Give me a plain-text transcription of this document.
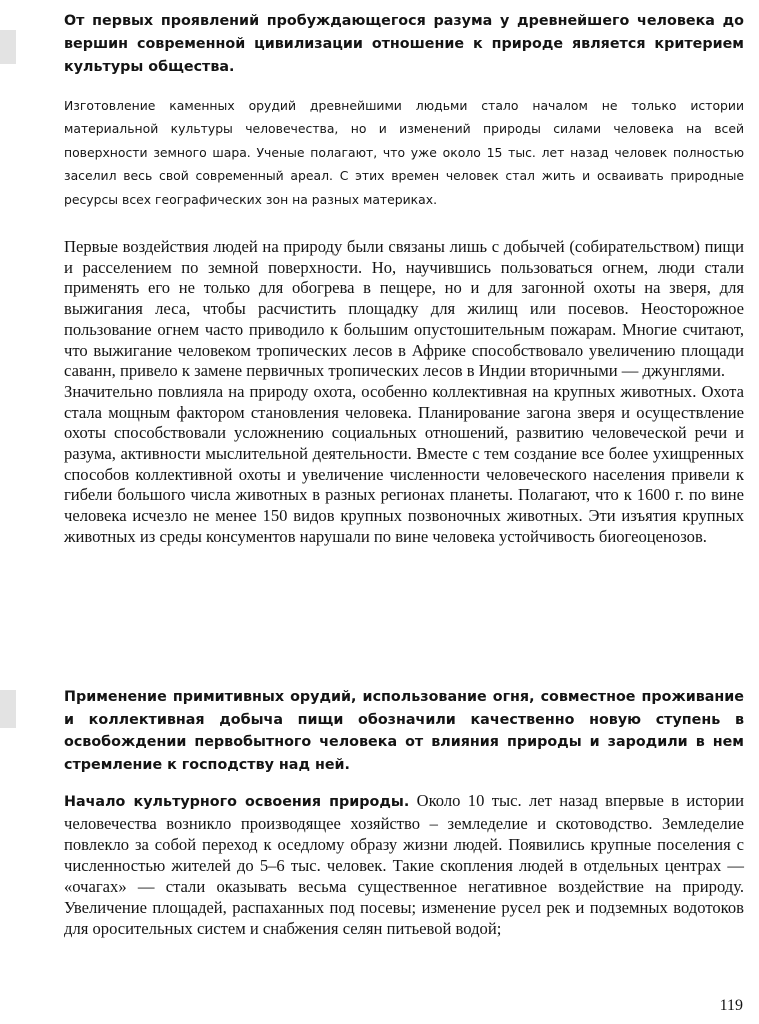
От первых проявлений пробуждающегося разума у древнейшего человека до вершин современной цивилизации отношение к природе является критерием культуры общества.
Изготовление каменных орудий древнейшими людьми стало началом не только истории материальной культуры человечества, но и изменений природы силами человека на всей поверхности земного шара. Ученые полагают, что уже около 15 тыс. лет назад человек полностью заселил весь свой современный ареал. С этих времен человек стал жить и осваивать природные ресурсы всех географических зон на разных материках.

Первые воздействия людей на природу были связаны лишь с добычей (собирательством) пищи и расселением по земной поверхности. Но, научившись пользоваться огнем, люди стали применять его не только для обогрева в пещере, но и для загонной охоты на зверя, для выжигания леса, чтобы расчистить площадку для жилищ или посевов. Неосторожное пользование огнем часто приводило к большим опустошительным пожарам. Многие считают, что выжигание человеком тропических лесов в Африке способствовало увеличению площади саванн, привело к замене первичных тропических лесов в Индии вторичными — джунглями.

Значительно повлияла на природу охота, особенно коллективная на крупных животных. Охота стала мощным фактором становления человека. Планирование загона зверя и осуществление охоты способствовали усложнению социальных отношений, развитию человеческой речи и разума, активности мыслительной деятельности. Вместе с тем создание все более ухищренных способов коллективной охоты и увеличение численности человеческого населения привели к гибели большого числа животных в разных регионах планеты. Полагают, что к 1600 г. по вине человека исчезло не менее 150 видов крупных позвоночных животных. Эти изъятия крупных животных из среды консументов нарушали по вине человека устойчивость биогеоценозов.

Применение примитивных орудий, использование огня, совместное проживание и коллективная добыча пищи обозначили качественно новую ступень в освобождении первобытного человека от влияния природы и зародили в нем стремление к господству над ней.
Начало культурного освоения природы. Около 10 тыс. лет назад впервые в истории человечества возникло производящее хозяйство – земледелие и скотоводство. Земледелие повлекло за собой переход к оседлому образу жизни людей. Появились крупные поселения с численностью жителей до 5–6 тыс. человек. Такие скопления людей в отдельных центрах — «очагах» — стали оказывать весьма существенное негативное воздействие на природу. Увеличение площадей, распаханных под посевы; изменение русел рек и подземных водотоков для оросительных систем и снабжения селян питьевой водой;
119
